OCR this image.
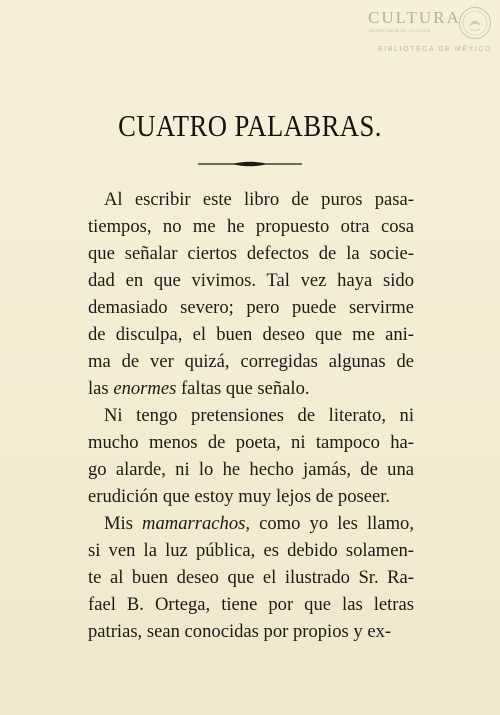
CULTURA
SECRETARÍA DE CULTURA
BIBLIOTECA DE MÉXICO
CUATRO PALABRAS.
Al escribir este libro de puros pasa-
tiempos, no me he propuesto otra cosa
que señalar ciertos defectos de la socie-
dad en que vivimos. Tal vez haya sido
demasiado severo; pero puede servirme
de disculpa, el buen deseo que me ani-
ma de ver quizá, corregidas algunas de
las enormes faltas que señalo.
Ni tengo pretensiones de literato, ni
mucho menos de poeta, ni tampoco ha-
go alarde, ni lo he hecho jamás, de una
erudición que estoy muy lejos de poseer.
Mis mamarrachos, como yo les llamo,
si ven la luz pública, es debido solamen-
te al buen deseo que el ilustrado Sr. Ra-
fael B. Ortega, tiene por que las letras
patrias, sean conocidas por propios y ex-
